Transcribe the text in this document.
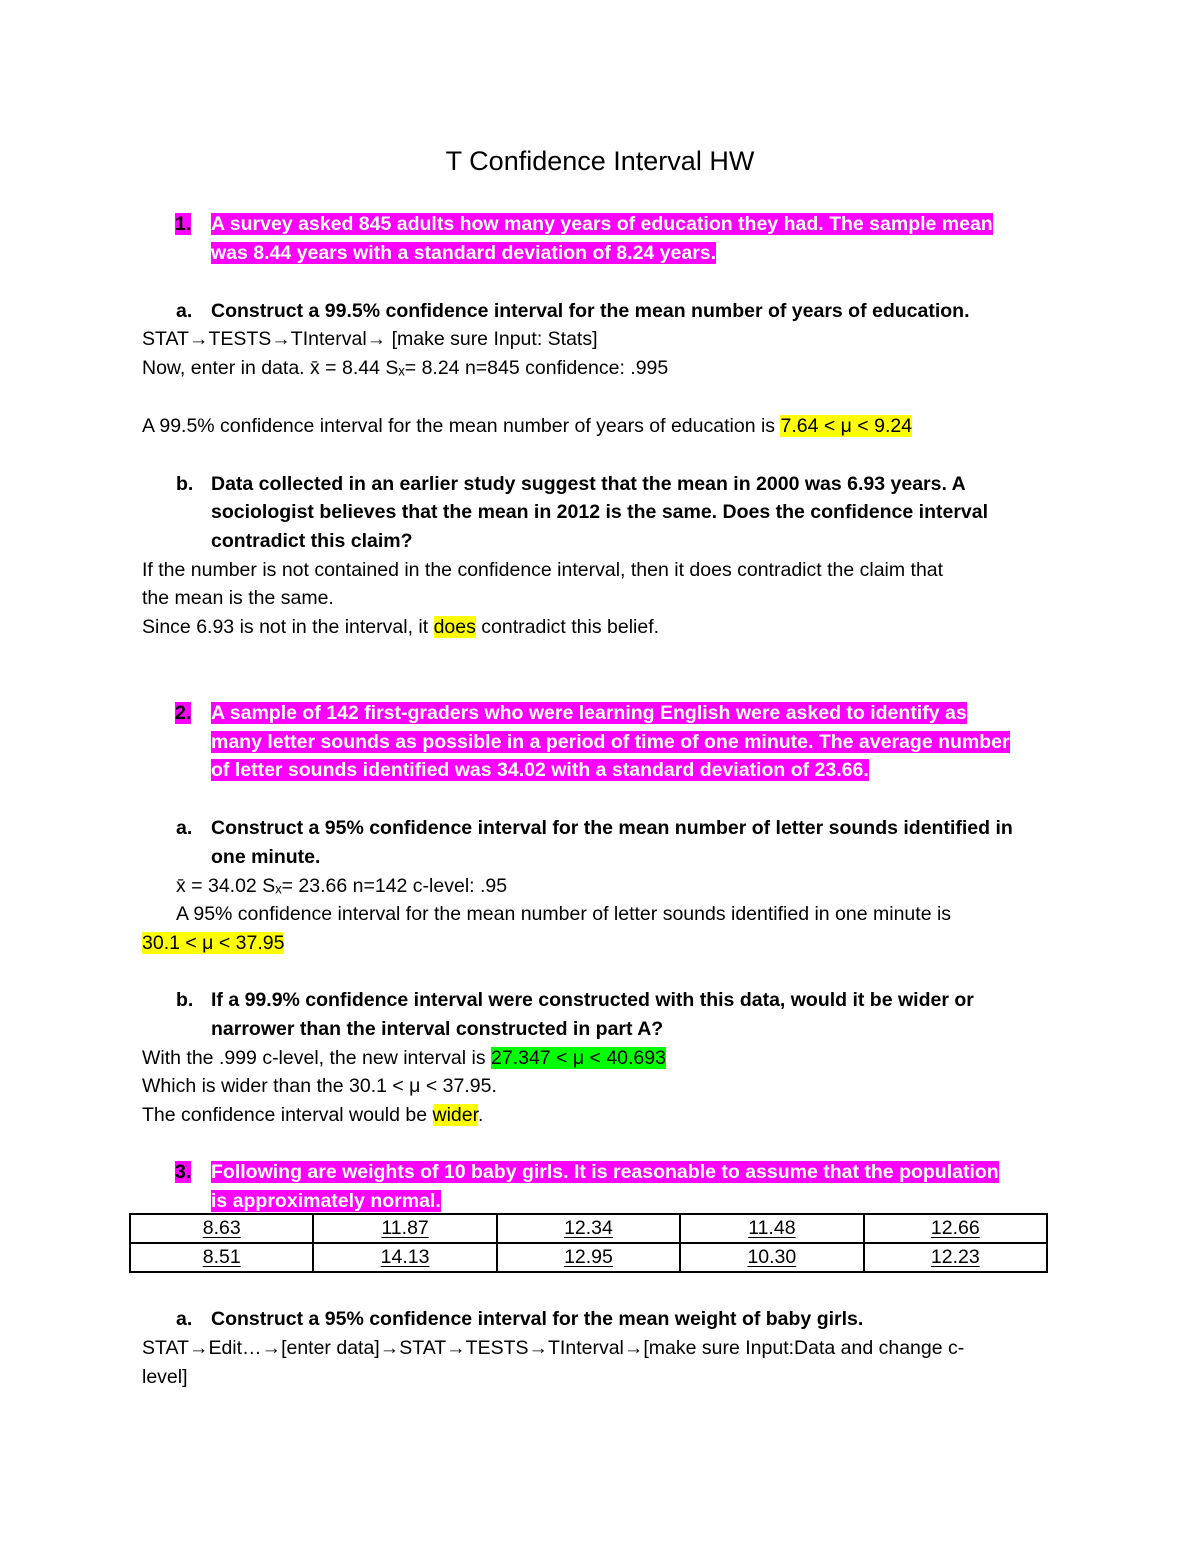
T Confidence Interval HW
1. A survey asked 845 adults how many years of education they had. The sample mean
was 8.44 years with a standard deviation of 8.24 years.
a. Construct a 99.5% confidence interval for the mean number of years of education.
STAT→TESTS→TInterval→ [make sure Input: Stats]
Now, enter in data. x̄ = 8.44 Sₓ= 8.24 n=845 confidence: .995
A 99.5% confidence interval for the mean number of years of education is 7.64 < μ < 9.24
b. Data collected in an earlier study suggest that the mean in 2000 was 6.93 years. A
sociologist believes that the mean in 2012 is the same. Does the confidence interval
contradict this claim?
If the number is not contained in the confidence interval, then it does contradict the claim that
the mean is the same.
Since 6.93 is not in the interval, it does contradict this belief.
2. A sample of 142 first-graders who were learning English were asked to identify as
many letter sounds as possible in a period of time of one minute. The average number
of letter sounds identified was 34.02 with a standard deviation of 23.66.
a. Construct a 95% confidence interval for the mean number of letter sounds identified in
one minute.
x̄ = 34.02 Sₓ= 23.66 n=142 c-level: .95
A 95% confidence interval for the mean number of letter sounds identified in one minute is
30.1 < μ < 37.95
b. If a 99.9% confidence interval were constructed with this data, would it be wider or
narrower than the interval constructed in part A?
With the .999 c-level, the new interval is 27.347 < μ < 40.693
Which is wider than the 30.1 < μ < 37.95.
The confidence interval would be wider.
3. Following are weights of 10 baby girls. It is reasonable to assume that the population
is approximately normal.
8.63	11.87	12.34	11.48	12.66
8.51	14.13	12.95	10.30	12.23
a. Construct a 95% confidence interval for the mean weight of baby girls.
STAT→Edit…→[enter data]→STAT→TESTS→TInterval→[make sure Input:Data and change c-
level]
